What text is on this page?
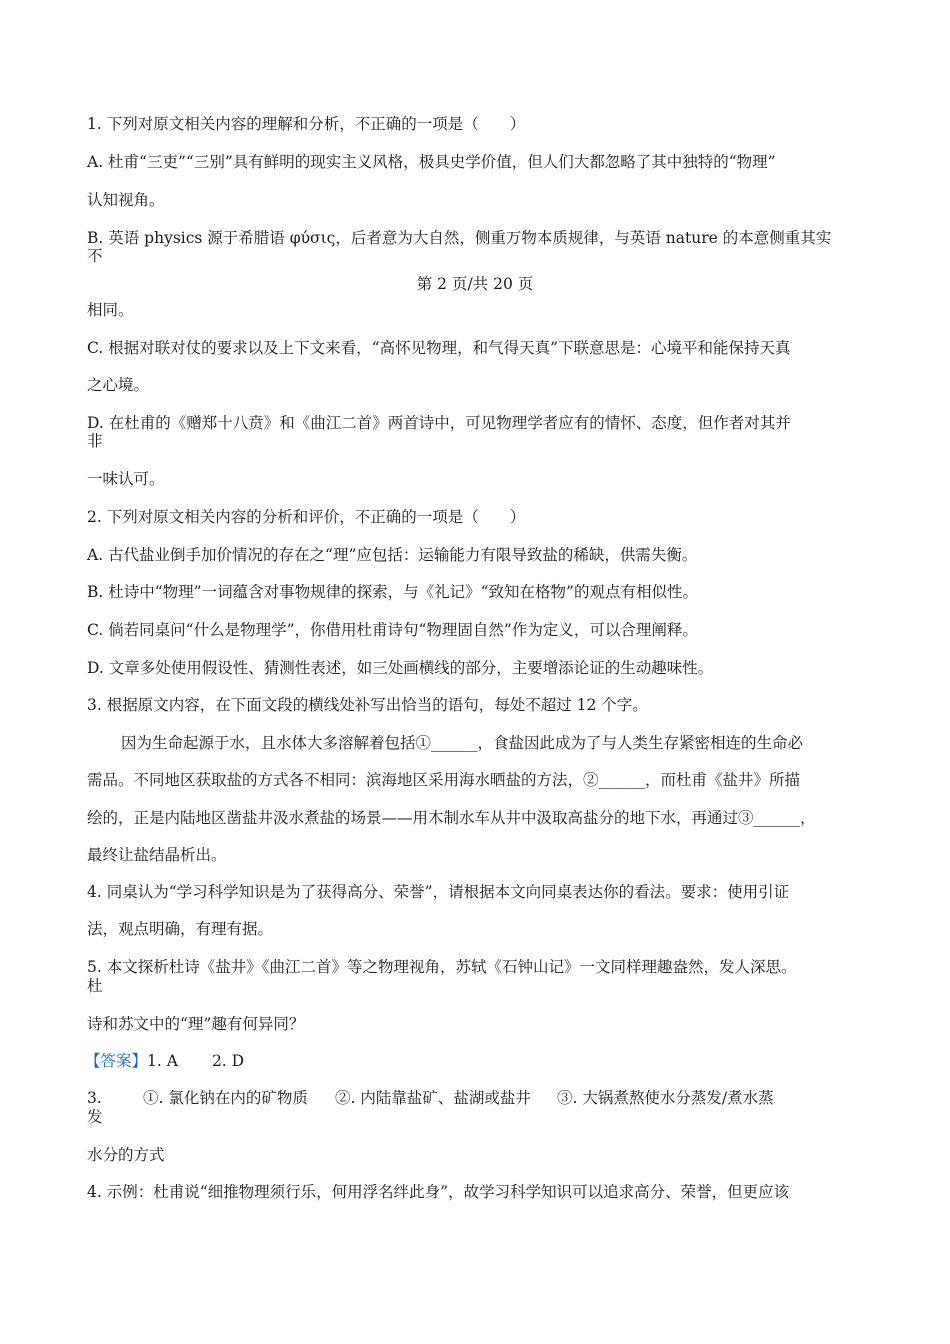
1. 下列对原文相关内容的理解和分析，不正确的一项是（　　）

A. 杜甫“三吏”“三别”具有鲜明的现实主义风格，极具史学价值，但人们大都忽略了其中独特的“物理”

认知视角。

B. 英语 physics 源于希腊语 φύσις，后者意为大自然，侧重万物本质规律，与英语 nature 的本意侧重其实

不

第 2 页/共 20 页

相同。

C. 根据对联对仗的要求以及上下文来看，“高怀见物理，和气得天真”下联意思是：心境平和能保持天真

之心境。

D. 在杜甫的《赠郑十八贲》和《曲江二首》两首诗中，可见物理学者应有的情怀、态度，但作者对其并

非

一味认可。

2. 下列对原文相关内容的分析和评价，不正确的一项是（　　）

A. 古代盐业倒手加价情况的存在之“理”应包括：运输能力有限导致盐的稀缺，供需失衡。

B. 杜诗中“物理”一词蕴含对事物规律的探索，与《礼记》“致知在格物”的观点有相似性。

C. 倘若同桌问“什么是物理学”，你借用杜甫诗句“物理固自然”作为定义，可以合理阐释。

D. 文章多处使用假设性、猜测性表述，如三处画横线的部分，主要增添论证的生动趣味性。

3. 根据原文内容，在下面文段的横线处补写出恰当的语句，每处不超过 12 个字。

因为生命起源于水，且水体大多溶解着包括①______，食盐因此成为了与人类生存紧密相连的生命必

需品。不同地区获取盐的方式各不相同：滨海地区采用海水晒盐的方法，②______，而杜甫《盐井》所描

绘的，正是内陆地区凿盐井汲水煮盐的场景——用木制水车从井中汲取高盐分的地下水，再通过③______，

最终让盐结晶析出。

4. 同桌认为“学习科学知识是为了获得高分、荣誉”，请根据本文向同桌表达你的看法。要求：使用引证

法，观点明确，有理有据。

5. 本文探析杜诗《盐井》《曲江二首》等之物理视角，苏轼《石钟山记》一文同样理趣盎然，发人深思。

杜

诗和苏文中的“理”趣有何异同？

【答案】1. A 2. D

3.	①. 氯化钠在内的矿物质 ②. 内陆靠盐矿、盐湖或盐井 ③. 大锅煮熬使水分蒸发/煮水蒸

发

水分的方式

4. 示例：杜甫说“细推物理须行乐，何用浮名绊此身”，故学习科学知识可以追求高分、荣誉，但更应该
